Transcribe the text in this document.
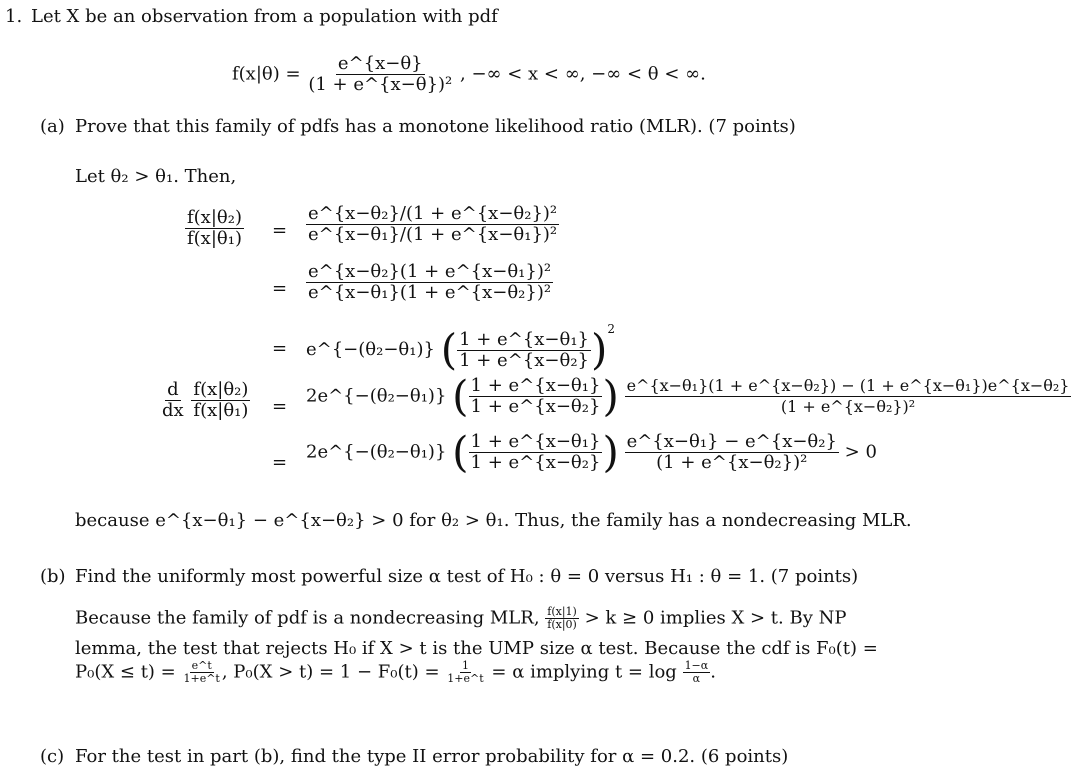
1. Let X be an observation from a population with pdf
$f(x|\theta) = \frac{e\^{}\{x-\theta\}}{\text{(1 + e\textasciicircum{}\{x−θ\})²}}$ , −∞ < x < ∞, −∞ < θ < ∞.
(a) Prove that this family of pdfs has a monotone likelihood ratio (MLR). (7 points)
Let θ₂ > θ₁. Then,
$\frac{\text{f(x|θ₂)}}{\text{f(x|θ₁)}} = \frac{\text{e\textasciicircum{}\{x−θ₂\}/(1 + e\textasciicircum{}\{x−θ₂\})²}}{\text{e\textasciicircum{}\{x−θ₁\}/(1 + e\textasciicircum{}\{x−θ₁\})²}}$
= $\frac{\text{e\textasciicircum{}\{x−θ₂\}(1 + e\textasciicircum{}\{x−θ₁\})²}}{\text{e\textasciicircum{}\{x−θ₁\}(1 + e\textasciicircum{}\{x−θ₂\})²}}$
= e^{−(θ₂−θ₁)} ( $\frac{\text{1 + e\textasciicircum{}\{x−θ₁\}}}{\text{1 + e\textasciicircum{}\{x−θ₂\}}} )^2$
$\frac{d}{dx}$
$\frac{\text{f(x|θ₂)}}{\text{f(x|θ₁)}}$ = 2e^{−(θ₂−θ₁)} ( $\frac{\text{1 + e\textasciicircum{}\{x−θ₁\}}}{\text{1 + e\textasciicircum{}\{x−θ₂\}}}$ ) $\frac{\text{e\textasciicircum{}\{x−θ₁\}(1 + e\textasciicircum{}\{x−θ₂\}) − (1 + e\textasciicircum{}\{x−θ₁\})e\textasciicircum{}\{x−θ₂\}}}{\text{(1 + e\textasciicircum{}\{x−θ₂\})²}}$
= 2e^{−(θ₂−θ₁)} ( $\frac{\text{1 + e\textasciicircum{}\{x−θ₁\}}}{\text{1 + e\textasciicircum{}\{x−θ₂\}}}$ ) $\frac{\text{e\textasciicircum{}\{x−θ₁\} − e\textasciicircum{}\{x−θ₂\}}}{\text{(1 + e\textasciicircum{}\{x−θ₂\})²}} > 0$
because e^{x−θ₁} − e^{x−θ₂} > 0 for θ₂ > θ₁. Thus, the family has a nondecreasing MLR.
(b) Find the uniformly most powerful size α test of H₀ : θ = 0 versus H₁ : θ = 1. (7 points)
Because the family of pdf is a nondecreasing MLR, $\frac{f(x|1)}{f(x|0)} > k \ge 0$ implies X > t. By NP
lemma, the test that rejects H₀ if X > t is the UMP size α test. Because the cdf is F₀(t) =
$P_0(X \le t) = \frac{e\^{}t}{1+e\^{}t}$ , $P_0(X > t) = 1 - F_0(t) = \frac{1}{1+e\^{}t} = \alpha$ implying $t = \log \frac{1-\alpha}{\alpha}$ .
(c) For the test in part (b), find the type II error probability for α = 0.2. (6 points)
